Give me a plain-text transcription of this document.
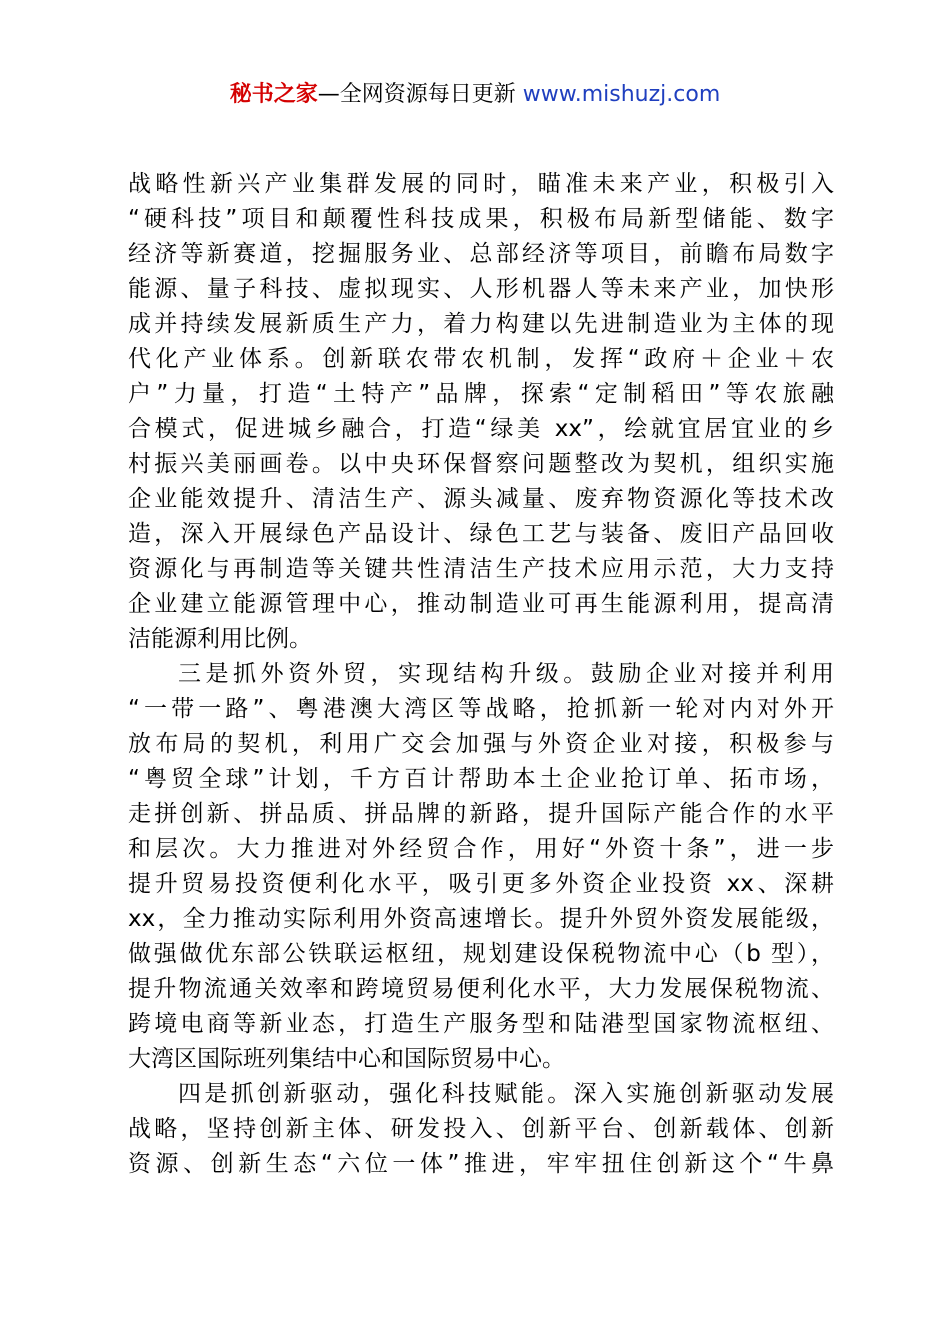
秘书之家—全网资源每日更新 www.mishuzj.com
战略性新兴产业集群发展的同时，瞄准未来产业，积极引入
“硬科技”项目和颠覆性科技成果，积极布局新型储能、数字
经济等新赛道，挖掘服务业、总部经济等项目，前瞻布局数字
能源、量子科技、虚拟现实、人形机器人等未来产业，加快形
成并持续发展新质生产力，着力构建以先进制造业为主体的现
代化产业体系。创新联农带农机制，发挥“政府＋企业＋农
户”力量，打造“土特产”品牌，探索“定制稻田”等农旅融
合模式，促进城乡融合，打造“绿美 xx”，绘就宜居宜业的乡
村振兴美丽画卷。以中央环保督察问题整改为契机，组织实施
企业能效提升、清洁生产、源头减量、废弃物资源化等技术改
造，深入开展绿色产品设计、绿色工艺与装备、废旧产品回收
资源化与再制造等关键共性清洁生产技术应用示范，大力支持
企业建立能源管理中心，推动制造业可再生能源利用，提高清
洁能源利用比例。
三是抓外资外贸，实现结构升级。鼓励企业对接并利用
“一带一路”、粤港澳大湾区等战略，抢抓新一轮对内对外开
放布局的契机，利用广交会加强与外资企业对接，积极参与
“粤贸全球”计划，千方百计帮助本土企业抢订单、拓市场，
走拼创新、拼品质、拼品牌的新路，提升国际产能合作的水平
和层次。大力推进对外经贸合作，用好“外资十条”，进一步
提升贸易投资便利化水平，吸引更多外资企业投资 xx、深耕
xx，全力推动实际利用外资高速增长。提升外贸外资发展能级，
做强做优东部公铁联运枢纽，规划建设保税物流中心（b 型），
提升物流通关效率和跨境贸易便利化水平，大力发展保税物流、
跨境电商等新业态，打造生产服务型和陆港型国家物流枢纽、
大湾区国际班列集结中心和国际贸易中心。
四是抓创新驱动，强化科技赋能。深入实施创新驱动发展
战略，坚持创新主体、研发投入、创新平台、创新载体、创新
资源、创新生态“六位一体”推进，牢牢扭住创新这个“牛鼻
